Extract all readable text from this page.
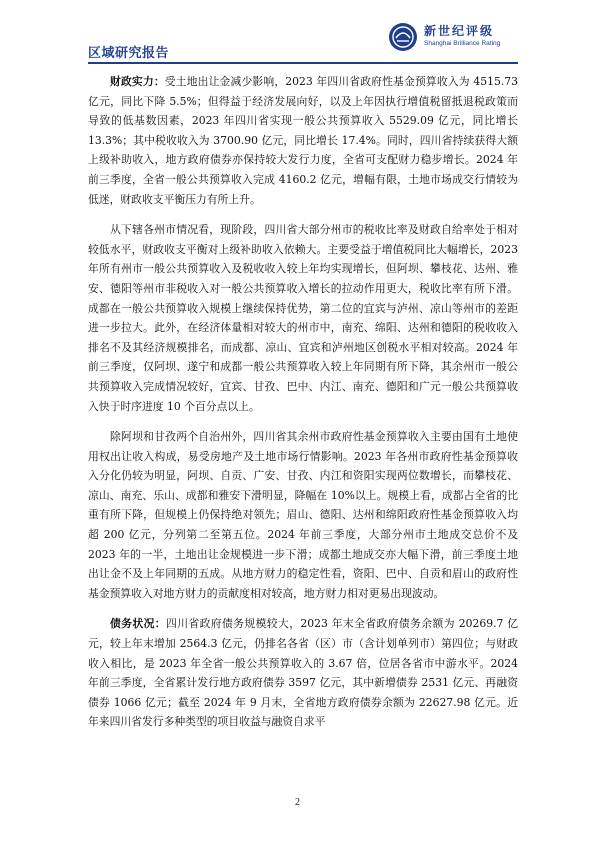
区域研究报告
新世纪评级
Shanghai Brilliance Rating

财政实力：受土地出让金减少影响，2023 年四川省政府性基金预算收入为 4515.73 亿元，同比下降 5.5%；但得益于经济发展向好，以及上年因执行增值税留抵退税政策而导致的低基数因素，2023 年四川省实现一般公共预算收入 5529.09 亿元，同比增长 13.3%；其中税收收入为 3700.90 亿元，同比增长 17.4%。同时，四川省持续获得大额上级补助收入，地方政府债券亦保持较大发行力度，全省可支配财力稳步增长。2024 年前三季度，全省一般公共预算收入完成 4160.2 亿元，增幅有限，土地市场成交行情较为低迷，财政收支平衡压力有所上升。

从下辖各州市情况看，现阶段，四川省大部分州市的税收比率及财政自给率处于相对较低水平，财政收支平衡对上级补助收入依赖大。主要受益于增值税同比大幅增长，2023 年所有州市一般公共预算收入及税收收入较上年均实现增长，但阿坝、攀枝花、达州、雅安、德阳等州市非税收入对一般公共预算收入增长的拉动作用更大，税收比率有所下滑。成都在一般公共预算收入规模上继续保持优势，第二位的宜宾与泸州、凉山等州市的差距进一步拉大。此外，在经济体量相对较大的州市中，南充、绵阳、达州和德阳的税收收入排名不及其经济规模排名，而成都、凉山、宜宾和泸州地区创税水平相对较高。2024 年前三季度，仅阿坝、遂宁和成都一般公共预算收入较上年同期有所下降，其余州市一般公共预算收入完成情况较好，宜宾、甘孜、巴中、内江、南充、德阳和广元一般公共预算收入快于时序进度 10 个百分点以上。

除阿坝和甘孜两个自治州外，四川省其余州市政府性基金预算收入主要由国有土地使用权出让收入构成，易受房地产及土地市场行情影响。2023 年各州市政府性基金预算收入分化仍较为明显，阿坝、自贡、广安、甘孜、内江和资阳实现两位数增长，而攀枝花、凉山、南充、乐山、成都和雅安下滑明显，降幅在 10%以上。规模上看，成都占全省的比重有所下降，但规模上仍保持绝对领先；眉山、德阳、达州和绵阳政府性基金预算收入均超 200 亿元，分列第二至第五位。2024 年前三季度，大部分州市土地成交总价不及 2023 年的一半，土地出让金规模进一步下滑；成都土地成交亦大幅下滑，前三季度土地出让金不及上年同期的五成。从地方财力的稳定性看，资阳、巴中、自贡和眉山的政府性基金预算收入对地方财力的贡献度相对较高，地方财力相对更易出现波动。

债务状况：四川省政府债务规模较大，2023 年末全省政府债务余额为 20269.7 亿元，较上年末增加 2564.3 亿元，仍排名各省（区）市（含计划单列市）第四位；与财政收入相比，是 2023 年全省一般公共预算收入的 3.67 倍，位居各省市中游水平。2024 年前三季度，全省累计发行地方政府债券 3597 亿元，其中新增债券 2531 亿元、再融资债券 1066 亿元；截至 2024 年 9 月末，全省地方政府债券余额为 22627.98 亿元。近年来四川省发行多种类型的项目收益与融资自求平

2
